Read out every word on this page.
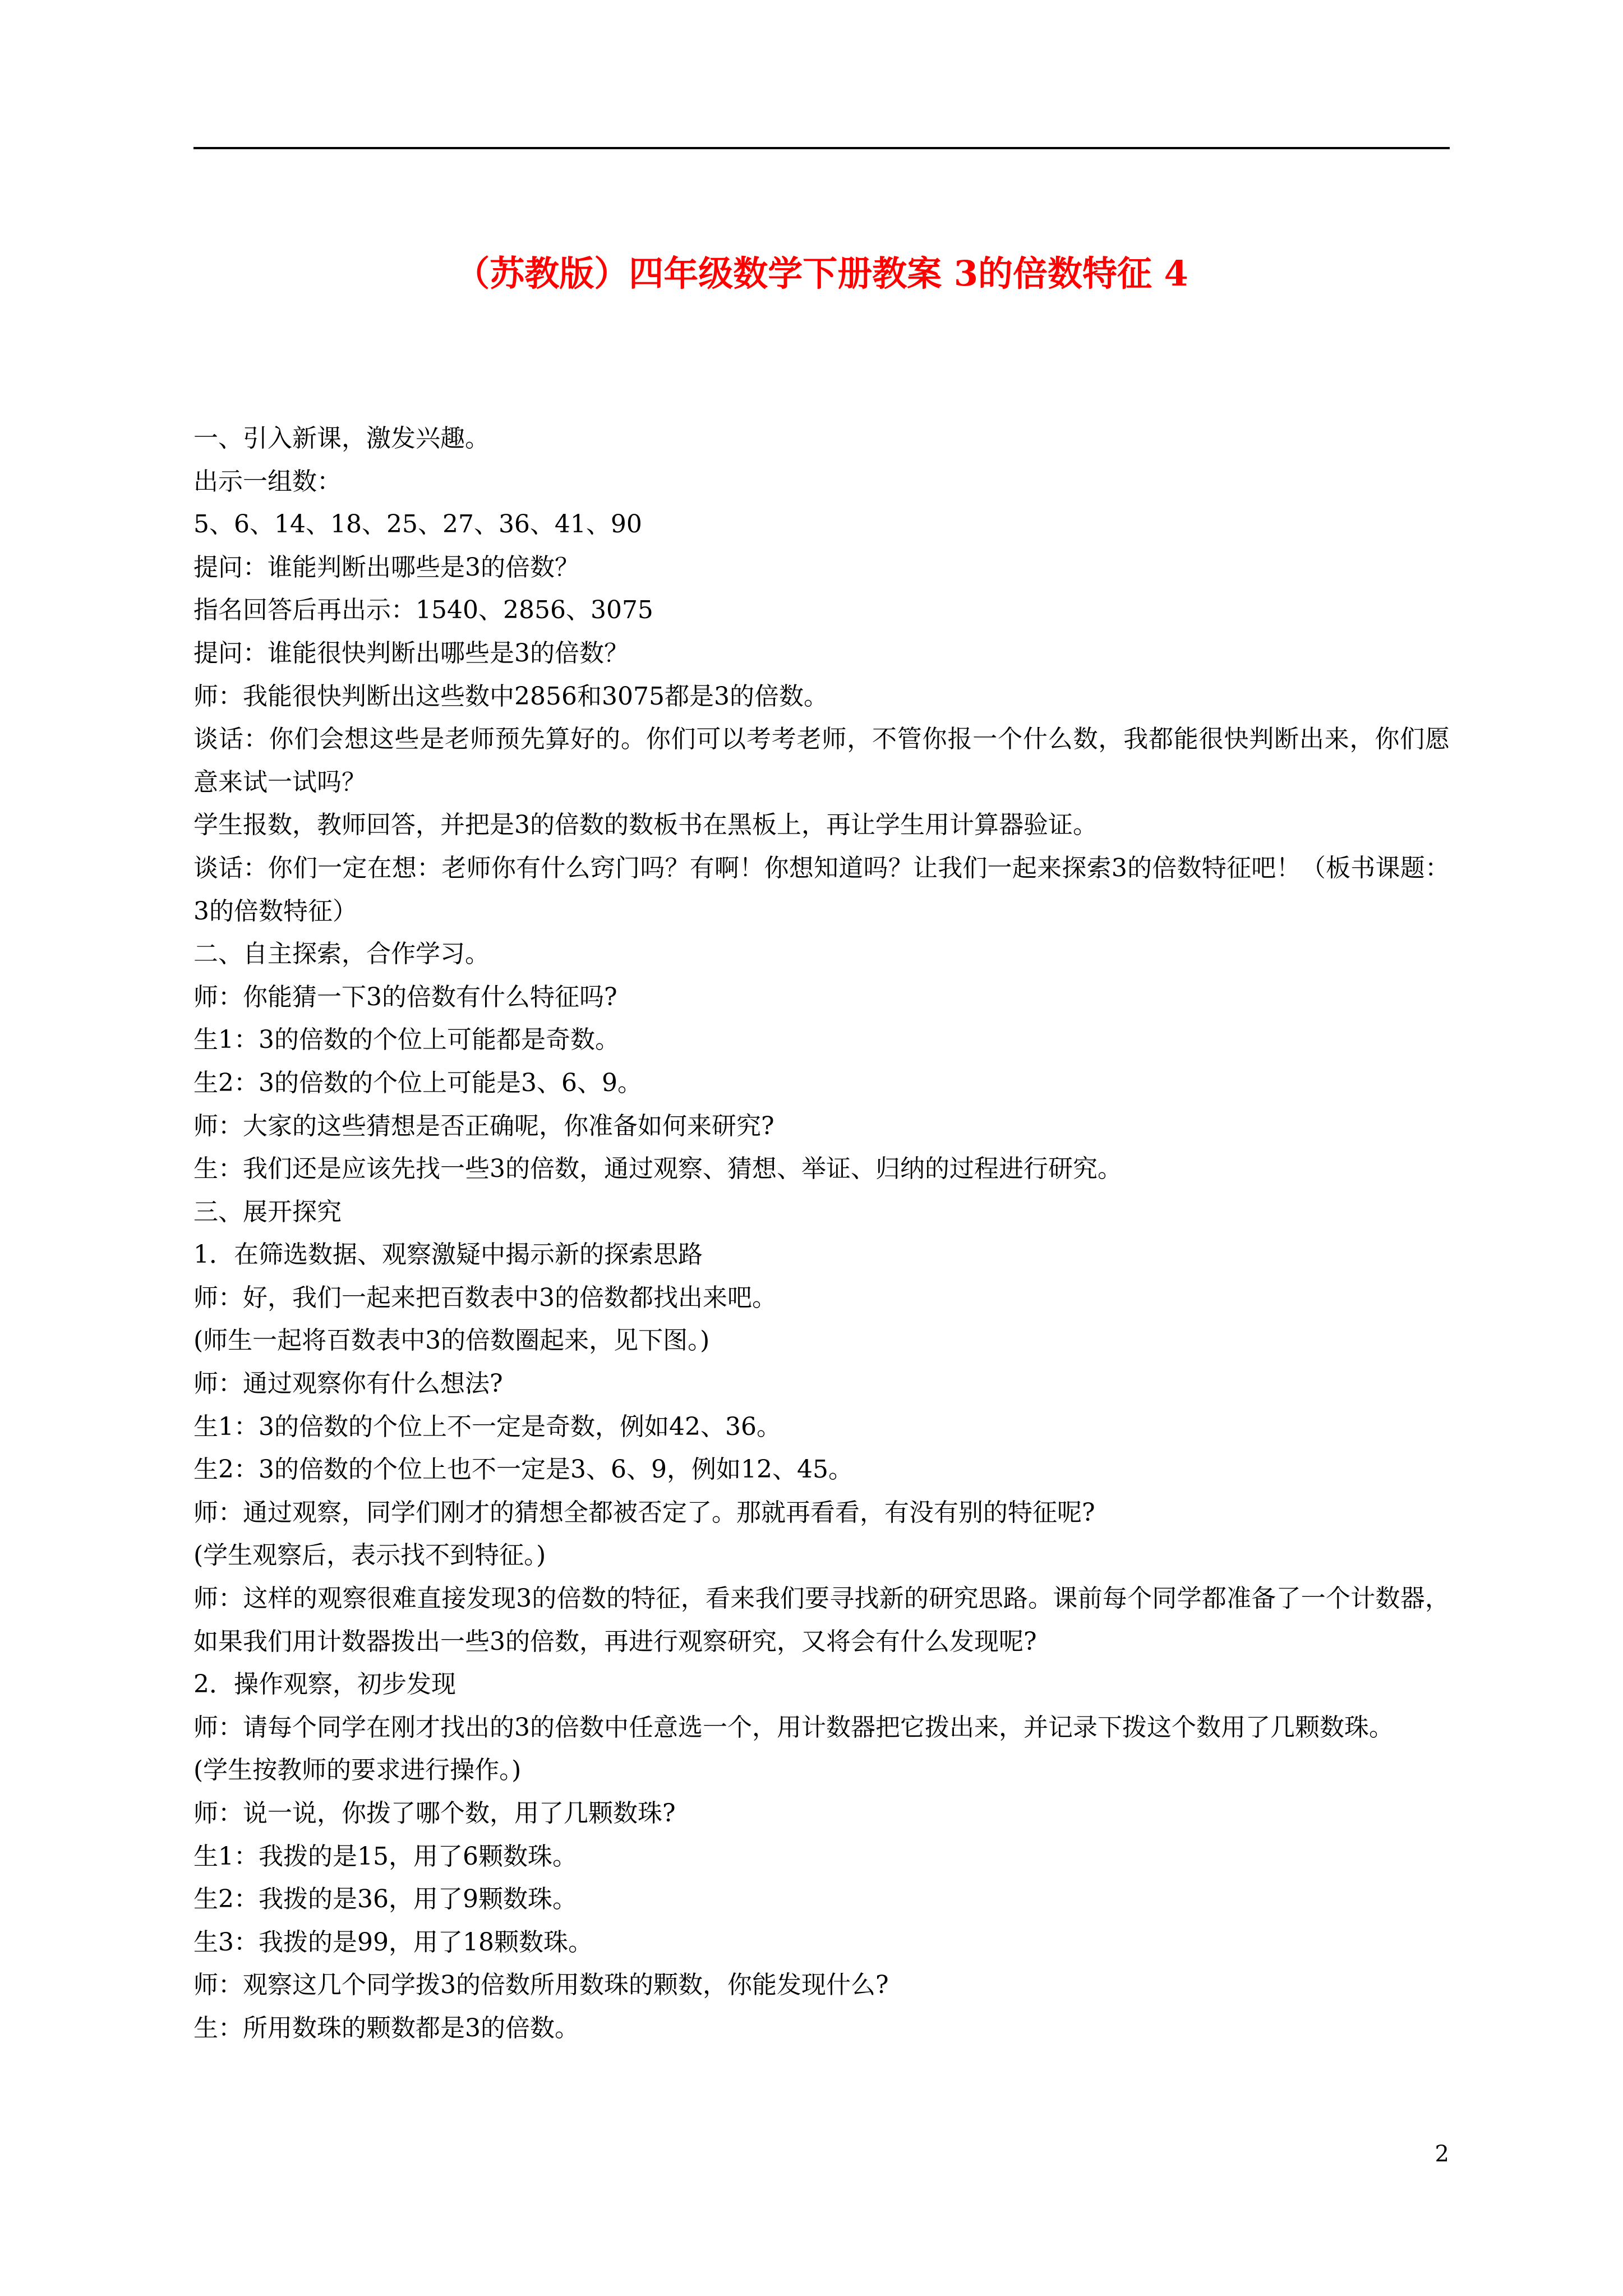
（苏教版）四年级数学下册教案 3的倍数特征 4

一、引入新课，激发兴趣。

出示一组数：

5、6、14、18、25、27、36、41、90

提问：谁能判断出哪些是3的倍数？

指名回答后再出示：1540、2856、3075

提问：谁能很快判断出哪些是3的倍数？

师：我能很快判断出这些数中2856和3075都是3的倍数。

谈话：你们会想这些是老师预先算好的。你们可以考考老师，不管你报一个什么数，我都能很快判断出来，你们愿意来试一试吗？

学生报数，教师回答，并把是3的倍数的数板书在黑板上，再让学生用计算器验证。

谈话：你们一定在想：老师你有什么窍门吗？有啊！你想知道吗？让我们一起来探索3的倍数特征吧！（板书课题：3的倍数特征）

二、自主探索，合作学习。

师：你能猜一下3的倍数有什么特征吗?

生1：3的倍数的个位上可能都是奇数。

生2：3的倍数的个位上可能是3、6、9。

师：大家的这些猜想是否正确呢，你准备如何来研究?

生：我们还是应该先找一些3的倍数，通过观察、猜想、举证、归纳的过程进行研究。

三、展开探究

1．在筛选数据、观察激疑中揭示新的探索思路

师：好，我们一起来把百数表中3的倍数都找出来吧。

(师生一起将百数表中3的倍数圈起来，见下图。)

师：通过观察你有什么想法?

生1：3的倍数的个位上不一定是奇数，例如42、36。

生2：3的倍数的个位上也不一定是3、6、9，例如12、45。

师：通过观察，同学们刚才的猜想全都被否定了。那就再看看，有没有别的特征呢?

(学生观察后，表示找不到特征。)

师：这样的观察很难直接发现3的倍数的特征，看来我们要寻找新的研究思路。课前每个同学都准备了一个计数器，如果我们用计数器拨出一些3的倍数，再进行观察研究，又将会有什么发现呢?

2．操作观察，初步发现

师：请每个同学在刚才找出的3的倍数中任意选一个，用计数器把它拨出来，并记录下拨这个数用了几颗数珠。

(学生按教师的要求进行操作。)

师：说一说，你拨了哪个数，用了几颗数珠?

生1：我拨的是15，用了6颗数珠。

生2：我拨的是36，用了9颗数珠。

生3：我拨的是99，用了18颗数珠。

师：观察这几个同学拨3的倍数所用数珠的颗数，你能发现什么?

生：所用数珠的颗数都是3的倍数。

2
